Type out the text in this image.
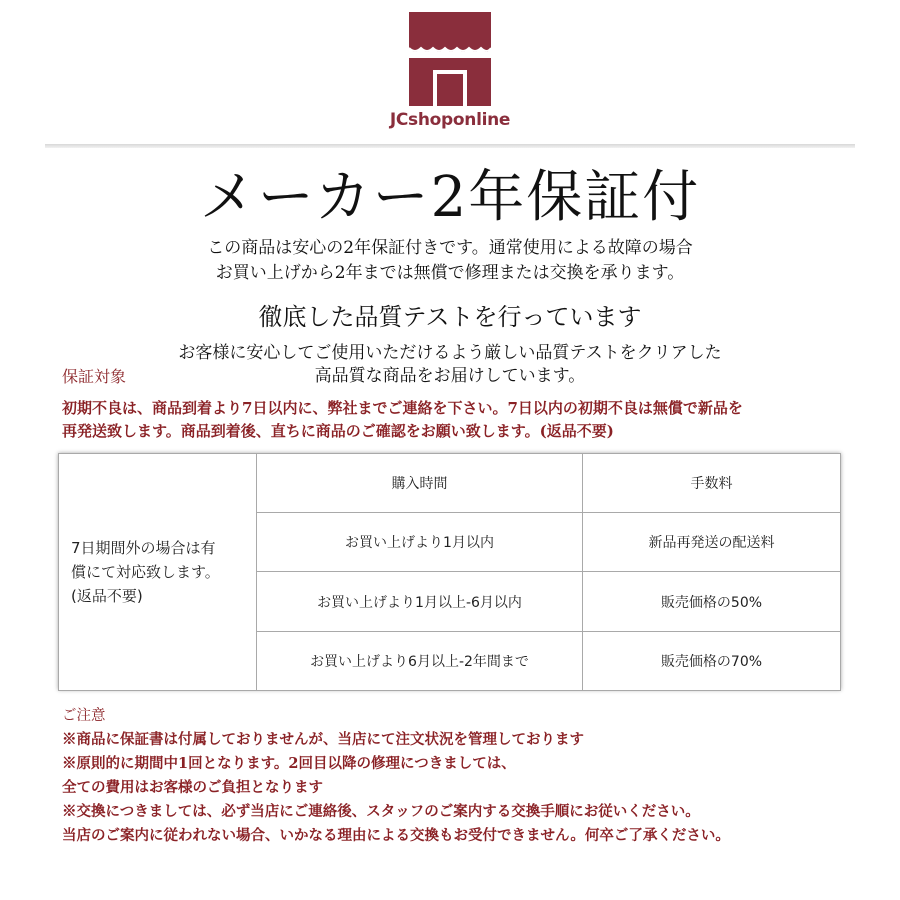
JCshoponline
メーカー2年保証付
この商品は安心の2年保証付きです。通常使用による故障の場合
お買い上げから2年までは無償で修理または交換を承ります。
徹底した品質テストを行っています
お客様に安心してご使用いただけるよう厳しい品質テストをクリアした
高品質な商品をお届けしています。
保証対象
初期不良は、商品到着より7日以内に、弊社までご連絡を下さい。7日以内の初期不良は無償で新品を
再発送致します。商品到着後、直ちに商品のご確認をお願い致します。(返品不要)
7日期間外の場合は有
償にて対応致します。
(返品不要)	購入時間	手数料
	お買い上げより1月以内	新品再発送の配送料
	お買い上げより1月以上-6月以内	販売価格の50%
	お買い上げより6月以上-2年間まで	販売価格の70%
ご注意
※商品に保証書は付属しておりませんが、当店にて注文状況を管理しております
※原則的に期間中1回となります。2回目以降の修理につきましては、
全ての費用はお客様のご負担となります
※交換につきましては、必ず当店にご連絡後、スタッフのご案内する交換手順にお従いください。
当店のご案内に従われない場合、いかなる理由による交換もお受付できません。何卒ご了承ください。
